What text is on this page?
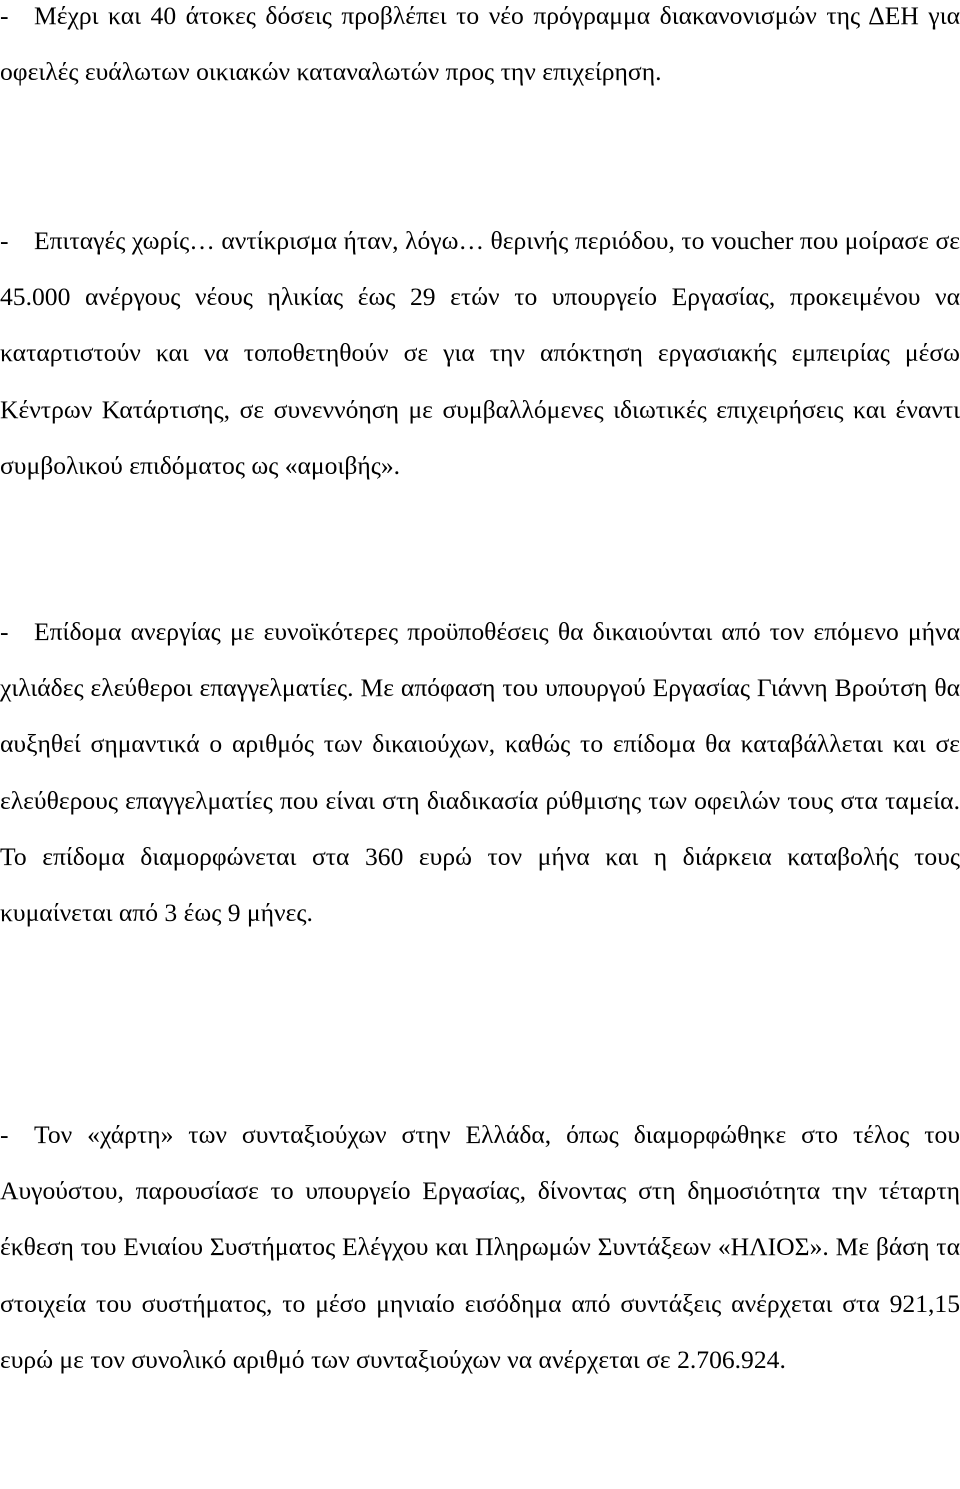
- Μέχρι και 40 άτοκες δόσεις προβλέπει το νέο πρόγραμμα διακανονισμών της ΔΕΗ για οφειλές ευάλωτων οικιακών καταναλωτών προς την επιχείρηση.

- Επιταγές χωρίς… αντίκρισμα ήταν, λόγω… θερινής περιόδου, το voucher που μοίρασε σε 45.000 ανέργους νέους ηλικίας έως 29 ετών το υπουργείο Εργασίας, προκειμένου να καταρτιστούν και να τοποθετηθούν σε για την απόκτηση εργασιακής εμπειρίας μέσω Κέντρων Κατάρτισης, σε συνεννόηση με συμβαλλόμενες ιδιωτικές επιχειρήσεις και έναντι συμβολικού επιδόματος ως «αμοιβής».

- Επίδομα ανεργίας με ευνοϊκότερες προϋποθέσεις θα δικαιούνται από τον επόμενο μήνα χιλιάδες ελεύθεροι επαγγελματίες. Με απόφαση του υπουργού Εργασίας Γιάννη Βρούτση θα αυξηθεί σημαντικά ο αριθμός των δικαιούχων, καθώς το επίδομα θα καταβάλλεται και σε ελεύθερους επαγγελματίες που είναι στη διαδικασία ρύθμισης των οφειλών τους στα ταμεία. Το επίδομα διαμορφώνεται στα 360 ευρώ τον μήνα και η διάρκεια καταβολής τους κυμαίνεται από 3 έως 9 μήνες.

- Τον «χάρτη» των συνταξιούχων στην Ελλάδα, όπως διαμορφώθηκε στο τέλος του Αυγούστου, παρουσίασε το υπουργείο Εργασίας, δίνοντας στη δημοσιότητα την τέταρτη έκθεση του Ενιαίου Συστήματος Ελέγχου και Πληρωμών Συντάξεων «ΗΛΙΟΣ». Με βάση τα στοιχεία του συστήματος, το μέσο μηνιαίο εισόδημα από συντάξεις ανέρχεται στα 921,15 ευρώ με τον συνολικό αριθμό των συνταξιούχων να ανέρχεται σε 2.706.924.
